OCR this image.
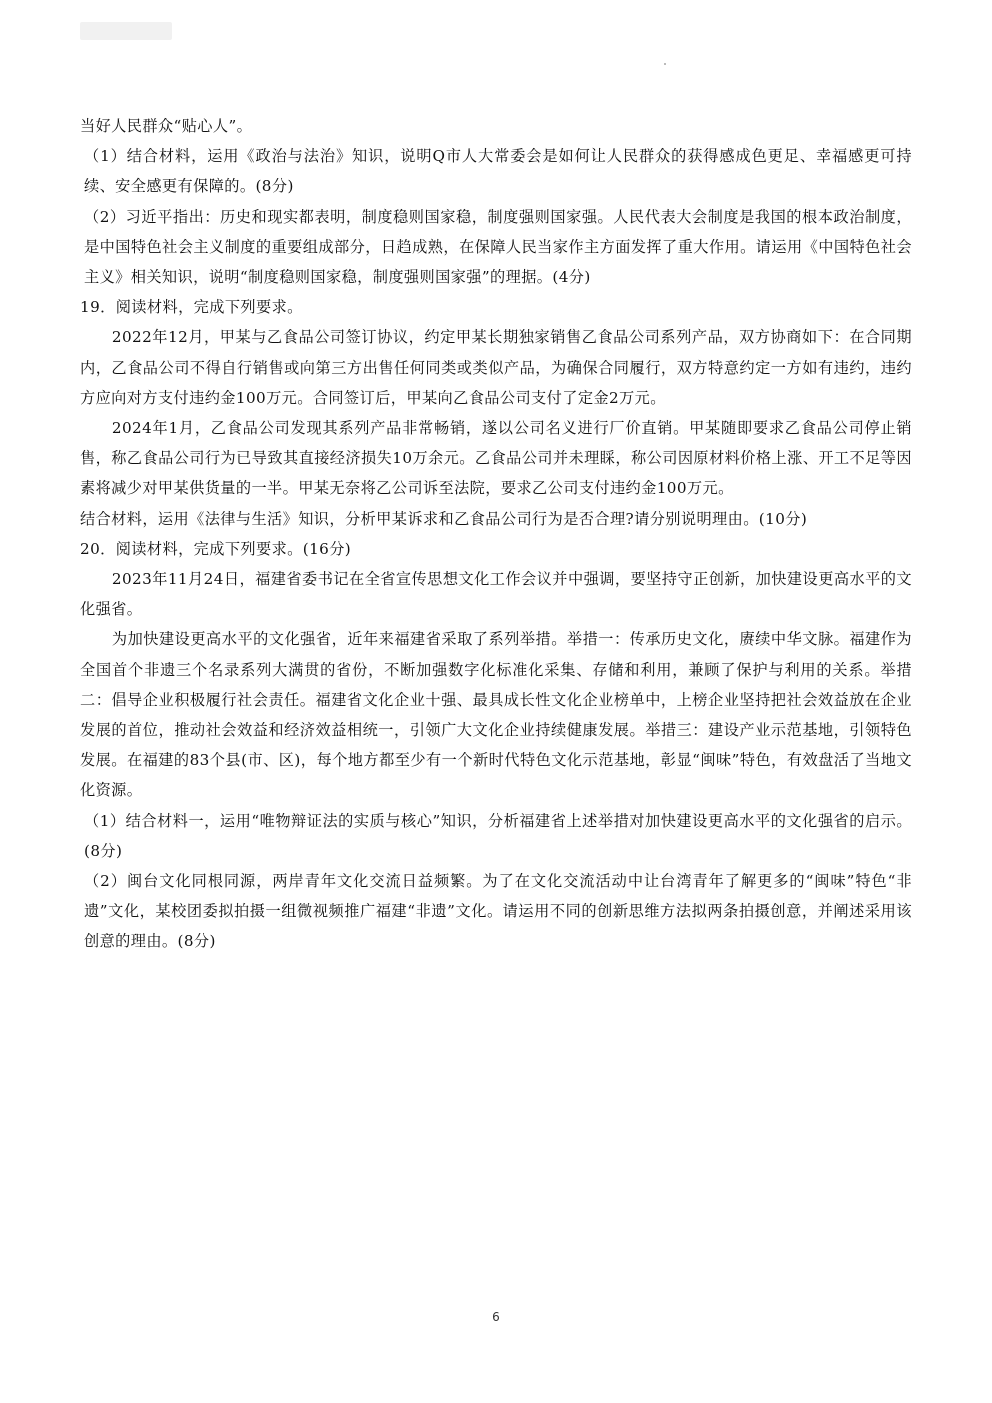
当好人民群众“贴心人”。

（1）结合材料，运用《政治与法治》知识，说明Q市人大常委会是如何让人民群众的获得感成色更足、幸福感更可持续、安全感更有保障的。(8分)

（2）习近平指出：历史和现实都表明，制度稳则国家稳，制度强则国家强。人民代表大会制度是我国的根本政治制度，是中国特色社会主义制度的重要组成部分，日趋成熟，在保障人民当家作主方面发挥了重大作用。请运用《中国特色社会主义》相关知识，说明“制度稳则国家稳，制度强则国家强”的理据。(4分)

19．阅读材料，完成下列要求。

2022年12月，甲某与乙食品公司签订协议，约定甲某长期独家销售乙食品公司系列产品，双方协商如下：在合同期内，乙食品公司不得自行销售或向第三方出售任何同类或类似产品，为确保合同履行，双方特意约定一方如有违约，违约方应向对方支付违约金100万元。合同签订后，甲某向乙食品公司支付了定金2万元。

2024年1月，乙食品公司发现其系列产品非常畅销，遂以公司名义进行厂价直销。甲某随即要求乙食品公司停止销售，称乙食品公司行为已导致其直接经济损失10万余元。乙食品公司并未理睬，称公司因原材料价格上涨、开工不足等因素将减少对甲某供货量的一半。甲某无奈将乙公司诉至法院，要求乙公司支付违约金100万元。

结合材料，运用《法律与生活》知识，分析甲某诉求和乙食品公司行为是否合理?请分别说明理由。(10分)

20．阅读材料，完成下列要求。(16分)

2023年11月24日，福建省委书记在全省宣传思想文化工作会议并中强调，要坚持守正创新，加快建设更高水平的文化强省。

为加快建设更高水平的文化强省，近年来福建省采取了系列举措。举措一：传承历史文化，赓续中华文脉。福建作为全国首个非遗三个名录系列大满贯的省份，不断加强数字化标准化采集、存储和利用，兼顾了保护与利用的关系。举措二：倡导企业积极履行社会责任。福建省文化企业十强、最具成长性文化企业榜单中，上榜企业坚持把社会效益放在企业发展的首位，推动社会效益和经济效益相统一，引领广大文化企业持续健康发展。举措三：建设产业示范基地，引领特色发展。在福建的83个县(市、区)，每个地方都至少有一个新时代特色文化示范基地，彰显“闽味”特色，有效盘活了当地文化资源。

（1）结合材料一，运用“唯物辩证法的实质与核心”知识，分析福建省上述举措对加快建设更高水平的文化强省的启示。(8分)

（2）闽台文化同根同源，两岸青年文化交流日益频繁。为了在文化交流活动中让台湾青年了解更多的“闽味”特色“非遗”文化，某校团委拟拍摄一组微视频推广福建“非遗”文化。请运用不同的创新思维方法拟两条拍摄创意，并阐述采用该创意的理由。(8分)

6
